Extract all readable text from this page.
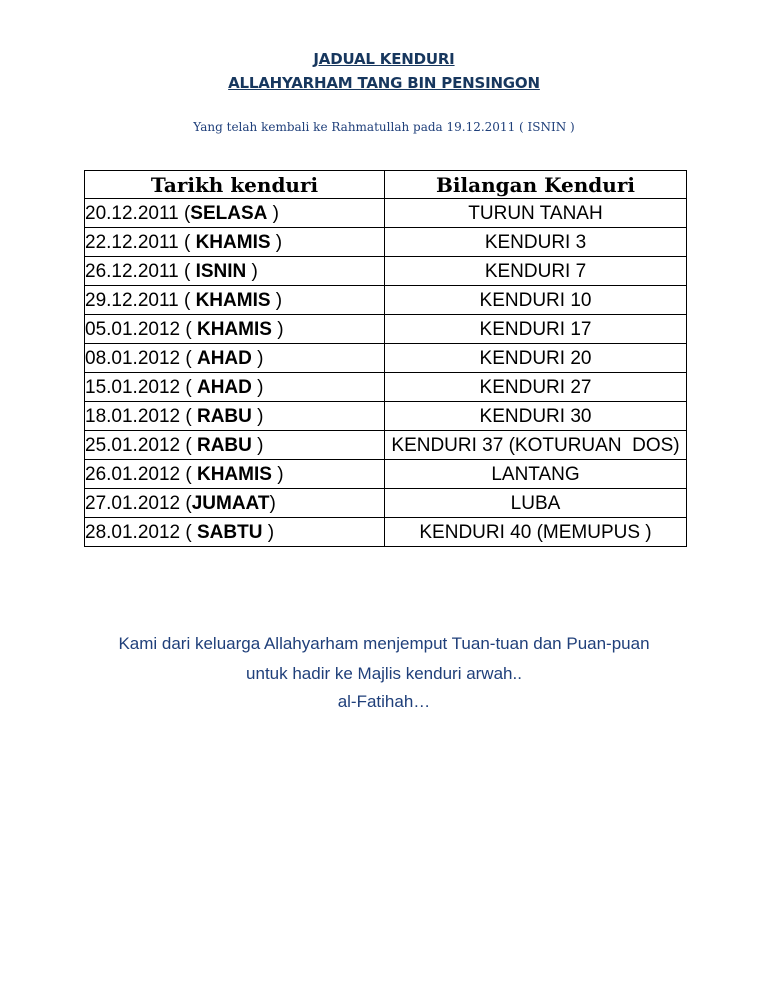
JADUAL KENDURI
ALLAHYARHAM TANG BIN PENSINGON
Yang telah kembali ke Rahmatullah pada 19.12.2011 ( ISNIN )
Tarikh kenduri	Bilangan Kenduri
20.12.2011 (SELASA )	TURUN TANAH
22.12.2011 ( KHAMIS )	KENDURI 3
26.12.2011 ( ISNIN )	KENDURI 7
29.12.2011 ( KHAMIS )	KENDURI 10
05.01.2012 ( KHAMIS )	KENDURI 17
08.01.2012 ( AHAD )	KENDURI 20
15.01.2012 ( AHAD )	KENDURI 27
18.01.2012 ( RABU )	KENDURI 30
25.01.2012 ( RABU )	KENDURI 37 (KOTURUAN  DOS)
26.01.2012 ( KHAMIS )	LANTANG
27.01.2012 (JUMAAT)	LUBA
28.01.2012 ( SABTU )	KENDURI 40 (MEMUPUS )
Kami dari keluarga Allahyarham menjemput Tuan-tuan dan Puan-puan
untuk hadir ke Majlis kenduri arwah..
al-Fatihah…
